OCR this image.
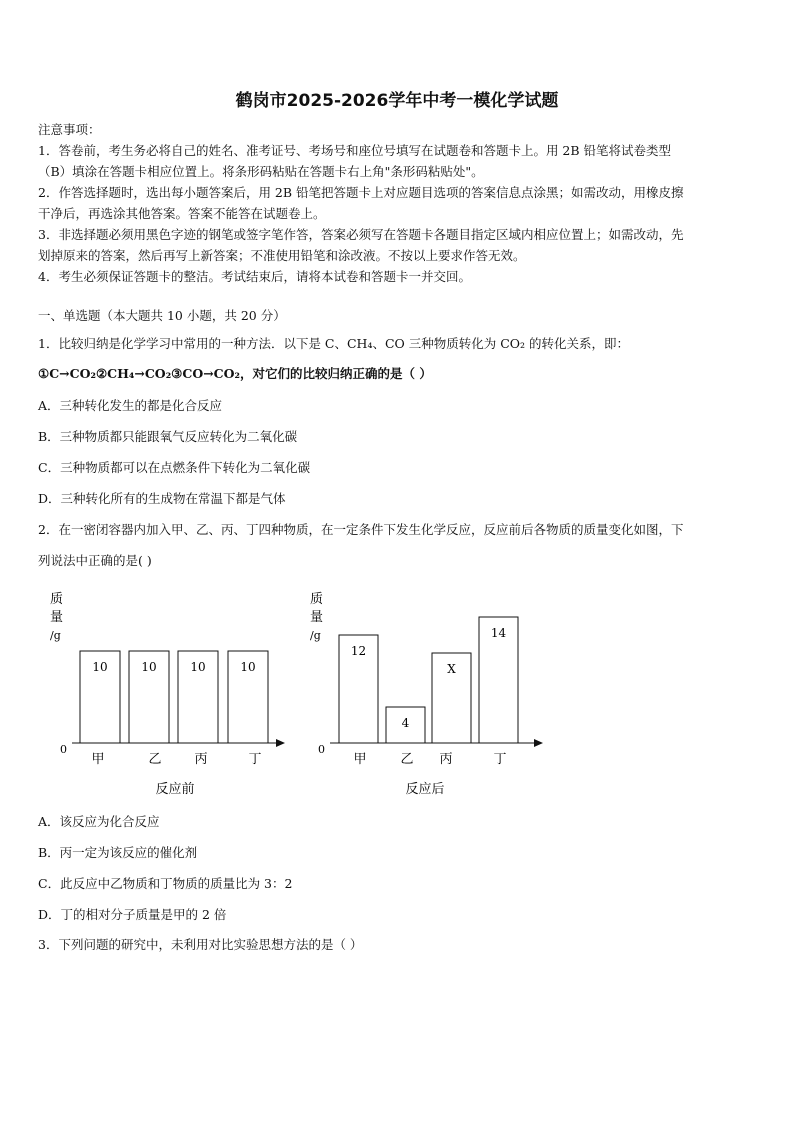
鹤岗市2025-2026学年中考一模化学试题
注意事项：
1．答卷前，考生务必将自己的姓名、准考证号、考场号和座位号填写在试题卷和答题卡上。用 2B 铅笔将试卷类型
（B）填涂在答题卡相应位置上。将条形码粘贴在答题卡右上角"条形码粘贴处"。
2．作答选择题时，选出每小题答案后，用 2B 铅笔把答题卡上对应题目选项的答案信息点涂黑；如需改动，用橡皮擦
干净后，再选涂其他答案。答案不能答在试题卷上。
3．非选择题必须用黑色字迹的钢笔或签字笔作答，答案必须写在答题卡各题目指定区域内相应位置上；如需改动，先
划掉原来的答案，然后再写上新答案；不准使用铅笔和涂改液。不按以上要求作答无效。
4．考生必须保证答题卡的整洁。考试结束后，请将本试卷和答题卡一并交回。
一、单选题（本大题共 10 小题，共 20 分）
1．比较归纳是化学学习中常用的一种方法．以下是 C、CH₄、CO 三种物质转化为 CO₂ 的转化关系，即：
①C→CO₂②CH₄→CO₂③CO→CO₂，对它们的比较归纳正确的是（ ）
A．三种转化发生的都是化合反应
B．三种物质都只能跟氧气反应转化为二氧化碳
C．三种物质都可以在点燃条件下转化为二氧化碳
D．三种转化所有的生成物在常温下都是气体
2．在一密闭容器内加入甲、乙、丙、丁四种物质，在一定条件下发生化学反应，反应前后各物质的质量变化如图，下
列说法中正确的是( )
质
量
/g
0
10
甲
10
乙
10
丙
10
丁
反应前
质
量
/g
0
12
甲
4
乙
X
丙
14
丁
反应后
A．该反应为化合反应
B．丙一定为该反应的催化剂
C．此反应中乙物质和丁物质的质量比为 3：2
D．丁的相对分子质量是甲的 2 倍
3．下列问题的研究中，未利用对比实验思想方法的是（ ）
